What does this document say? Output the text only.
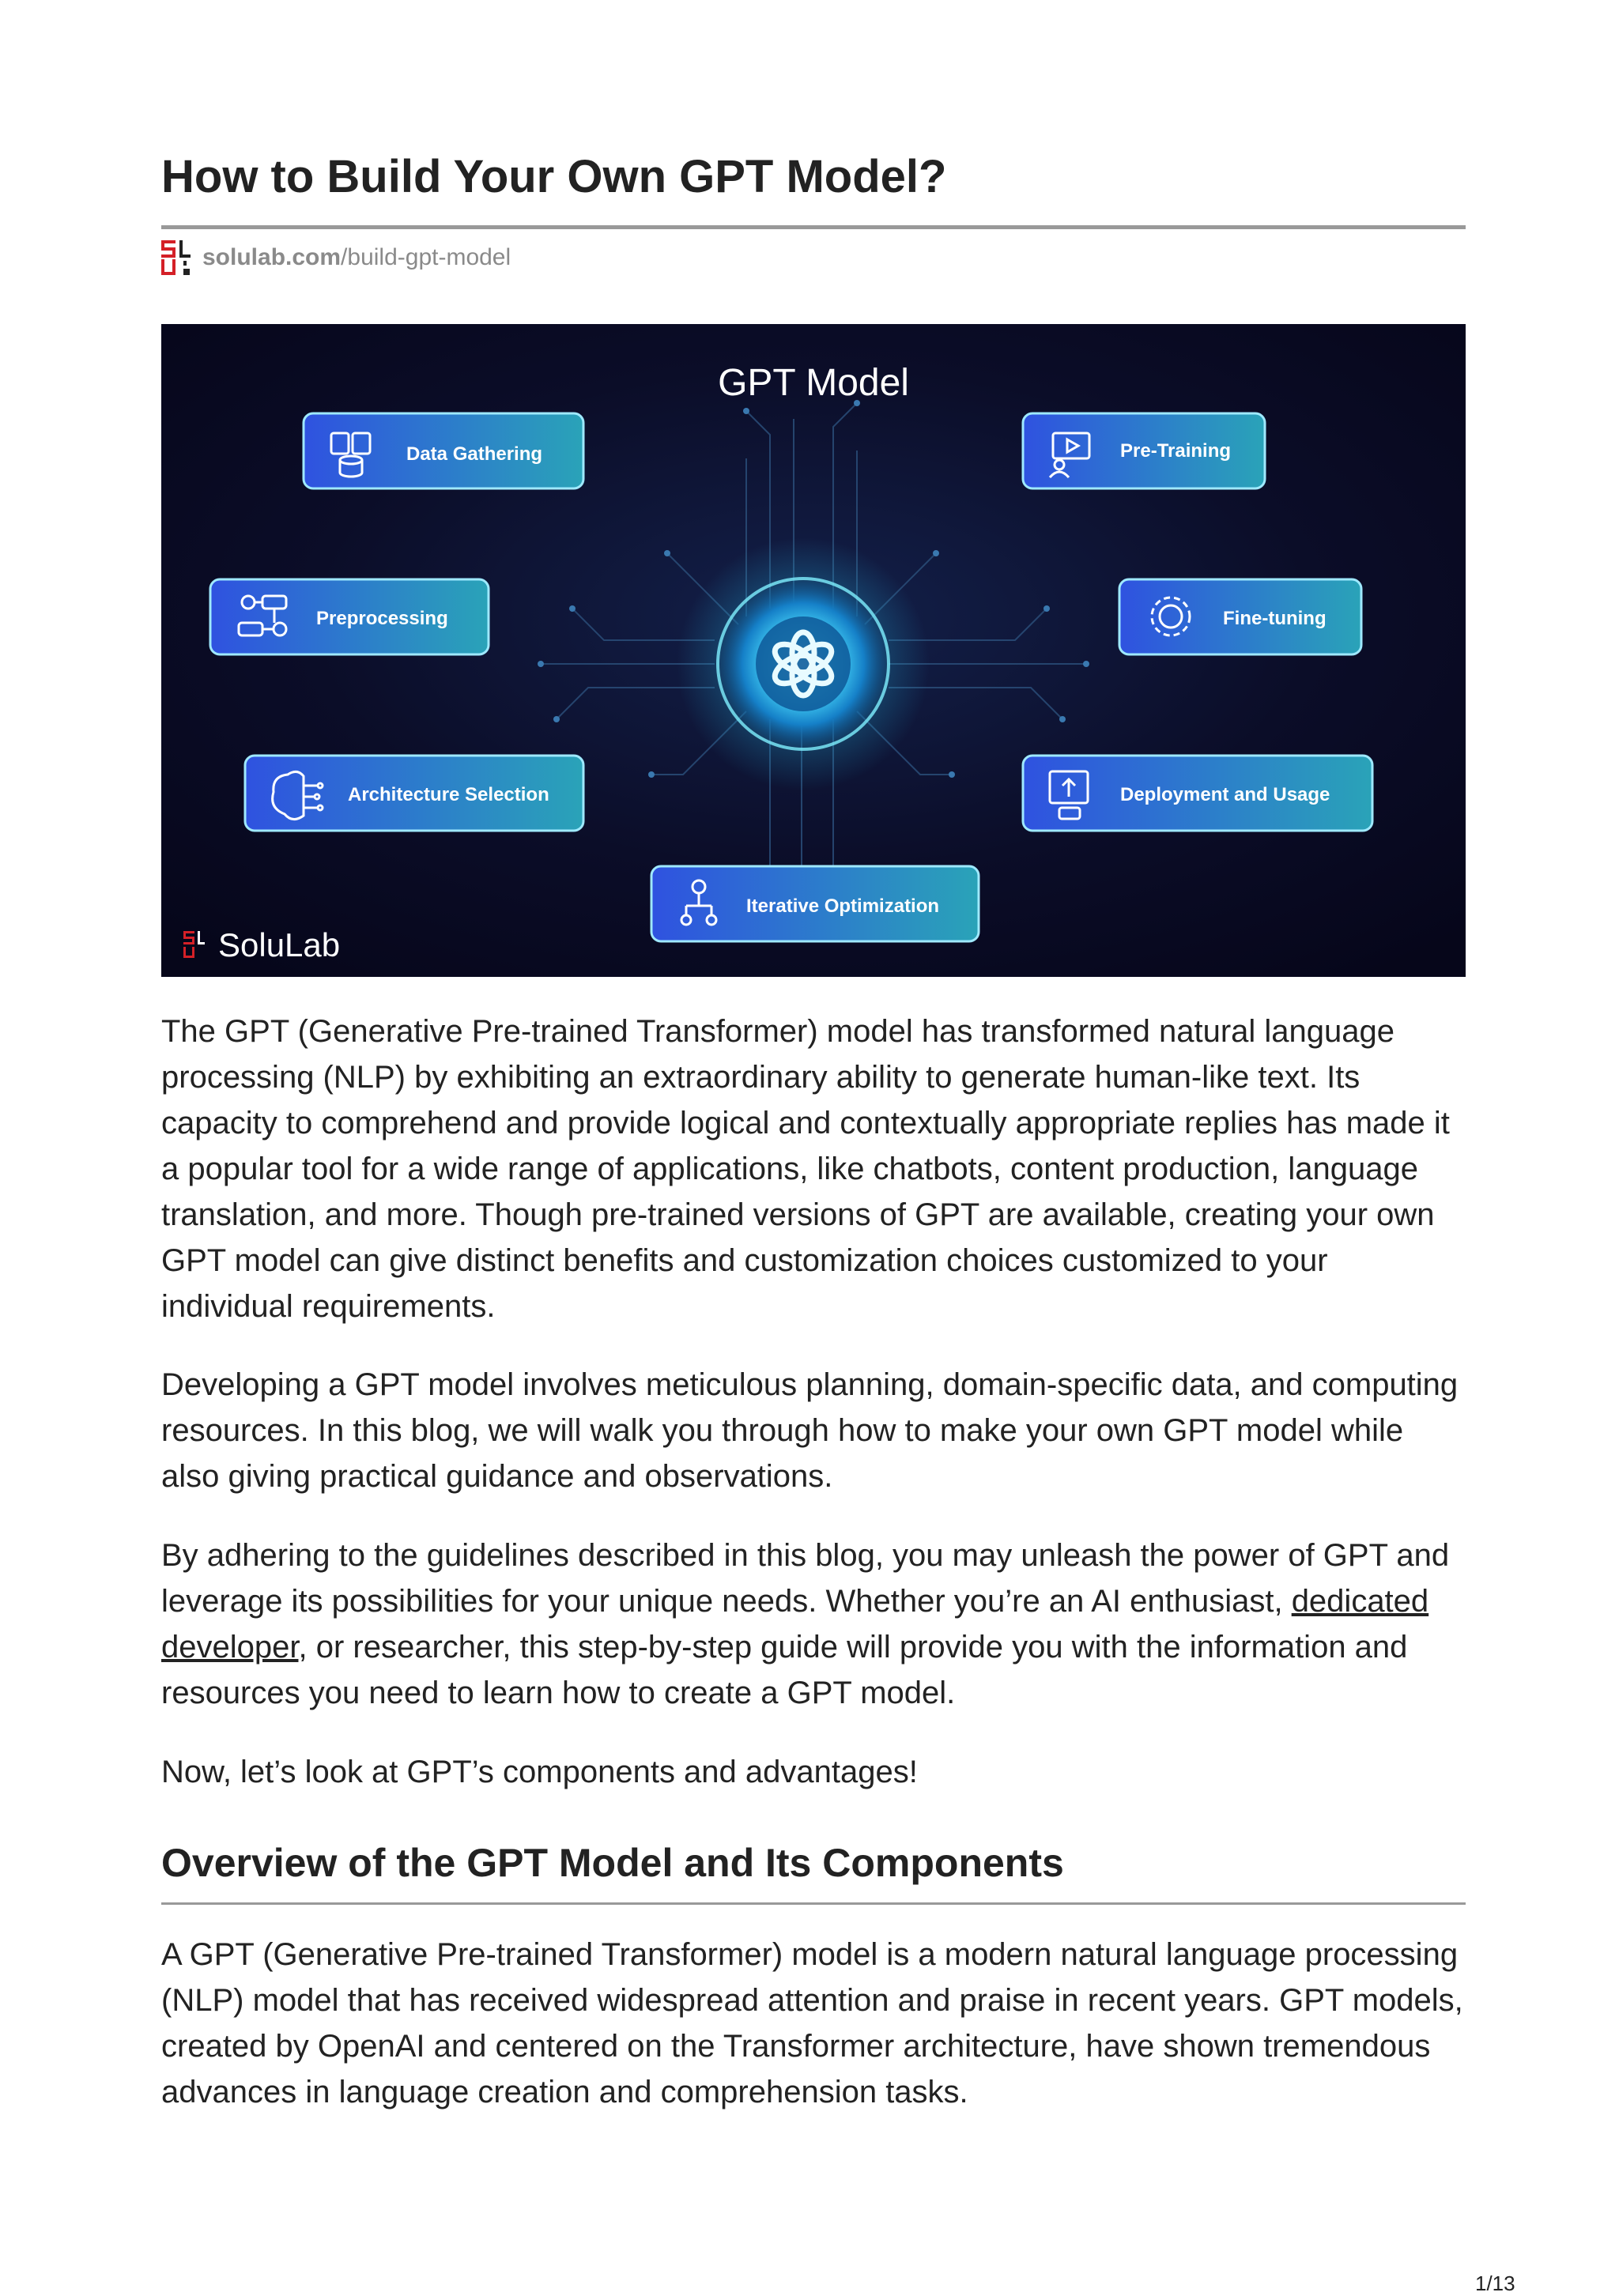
How to Build Your Own GPT Model?
solulab.com /build-gpt-model
GPT Model
Data Gathering	Pre-Training
Preprocessing	Fine-tuning
Architecture Selection	Deployment and Usage
Iterative Optimization
SoluLab

The GPT (Generative Pre-trained Transformer) model has transformed natural language processing (NLP) by exhibiting an extraordinary ability to generate human-like text. Its capacity to comprehend and provide logical and contextually appropriate replies has made it a popular tool for a wide range of applications, like chatbots, content production, language translation, and more. Though pre-trained versions of GPT are available, creating your own GPT model can give distinct benefits and customization choices customized to your individual requirements.

Developing a GPT model involves meticulous planning, domain-specific data, and computing resources. In this blog, we will walk you through how to make your own GPT model while also giving practical guidance and observations.

By adhering to the guidelines described in this blog, you may unleash the power of GPT and leverage its possibilities for your unique needs. Whether you’re an AI enthusiast, dedicated developer, or researcher, this step-by-step guide will provide you with the information and resources you need to learn how to create a GPT model.

Now, let’s look at GPT’s components and advantages!

Overview of the GPT Model and Its Components

A GPT (Generative Pre-trained Transformer) model is a modern natural language processing (NLP) model that has received widespread attention and praise in recent years. GPT models, created by OpenAI and centered on the Transformer architecture, have shown tremendous advances in language creation and comprehension tasks.

1/13
